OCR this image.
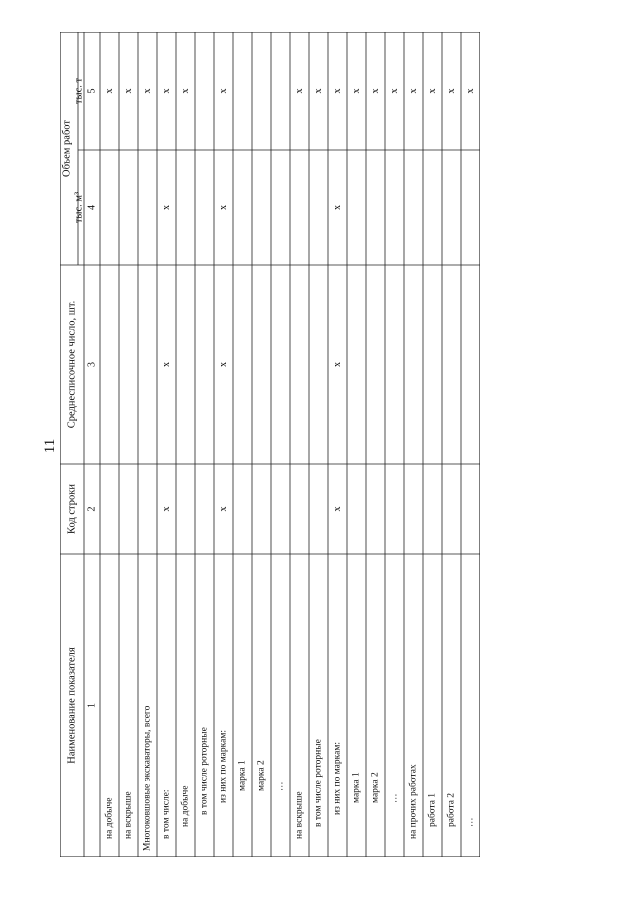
11
Наименование показателя
Код строки
Среднесписочное число, шт.
Объем работ
тыс. м³
тыс. т
1
2
3
4
5
на добыче
х
на вскрыше
х
Многоковшовые экскаваторы, всего
х
в том числе:
х
х
х
х
на добыче
х
в том числе роторные из них по маркам:
х
х
х
х
марка 1 марка 2 …
на вскрыше
х
в том числе роторные
х
из них по маркам:
х
х
х
х
марка 1
х
марка 2
х
…
х
на прочих работах
х
работа 1
х
работа 2
х
…
х
